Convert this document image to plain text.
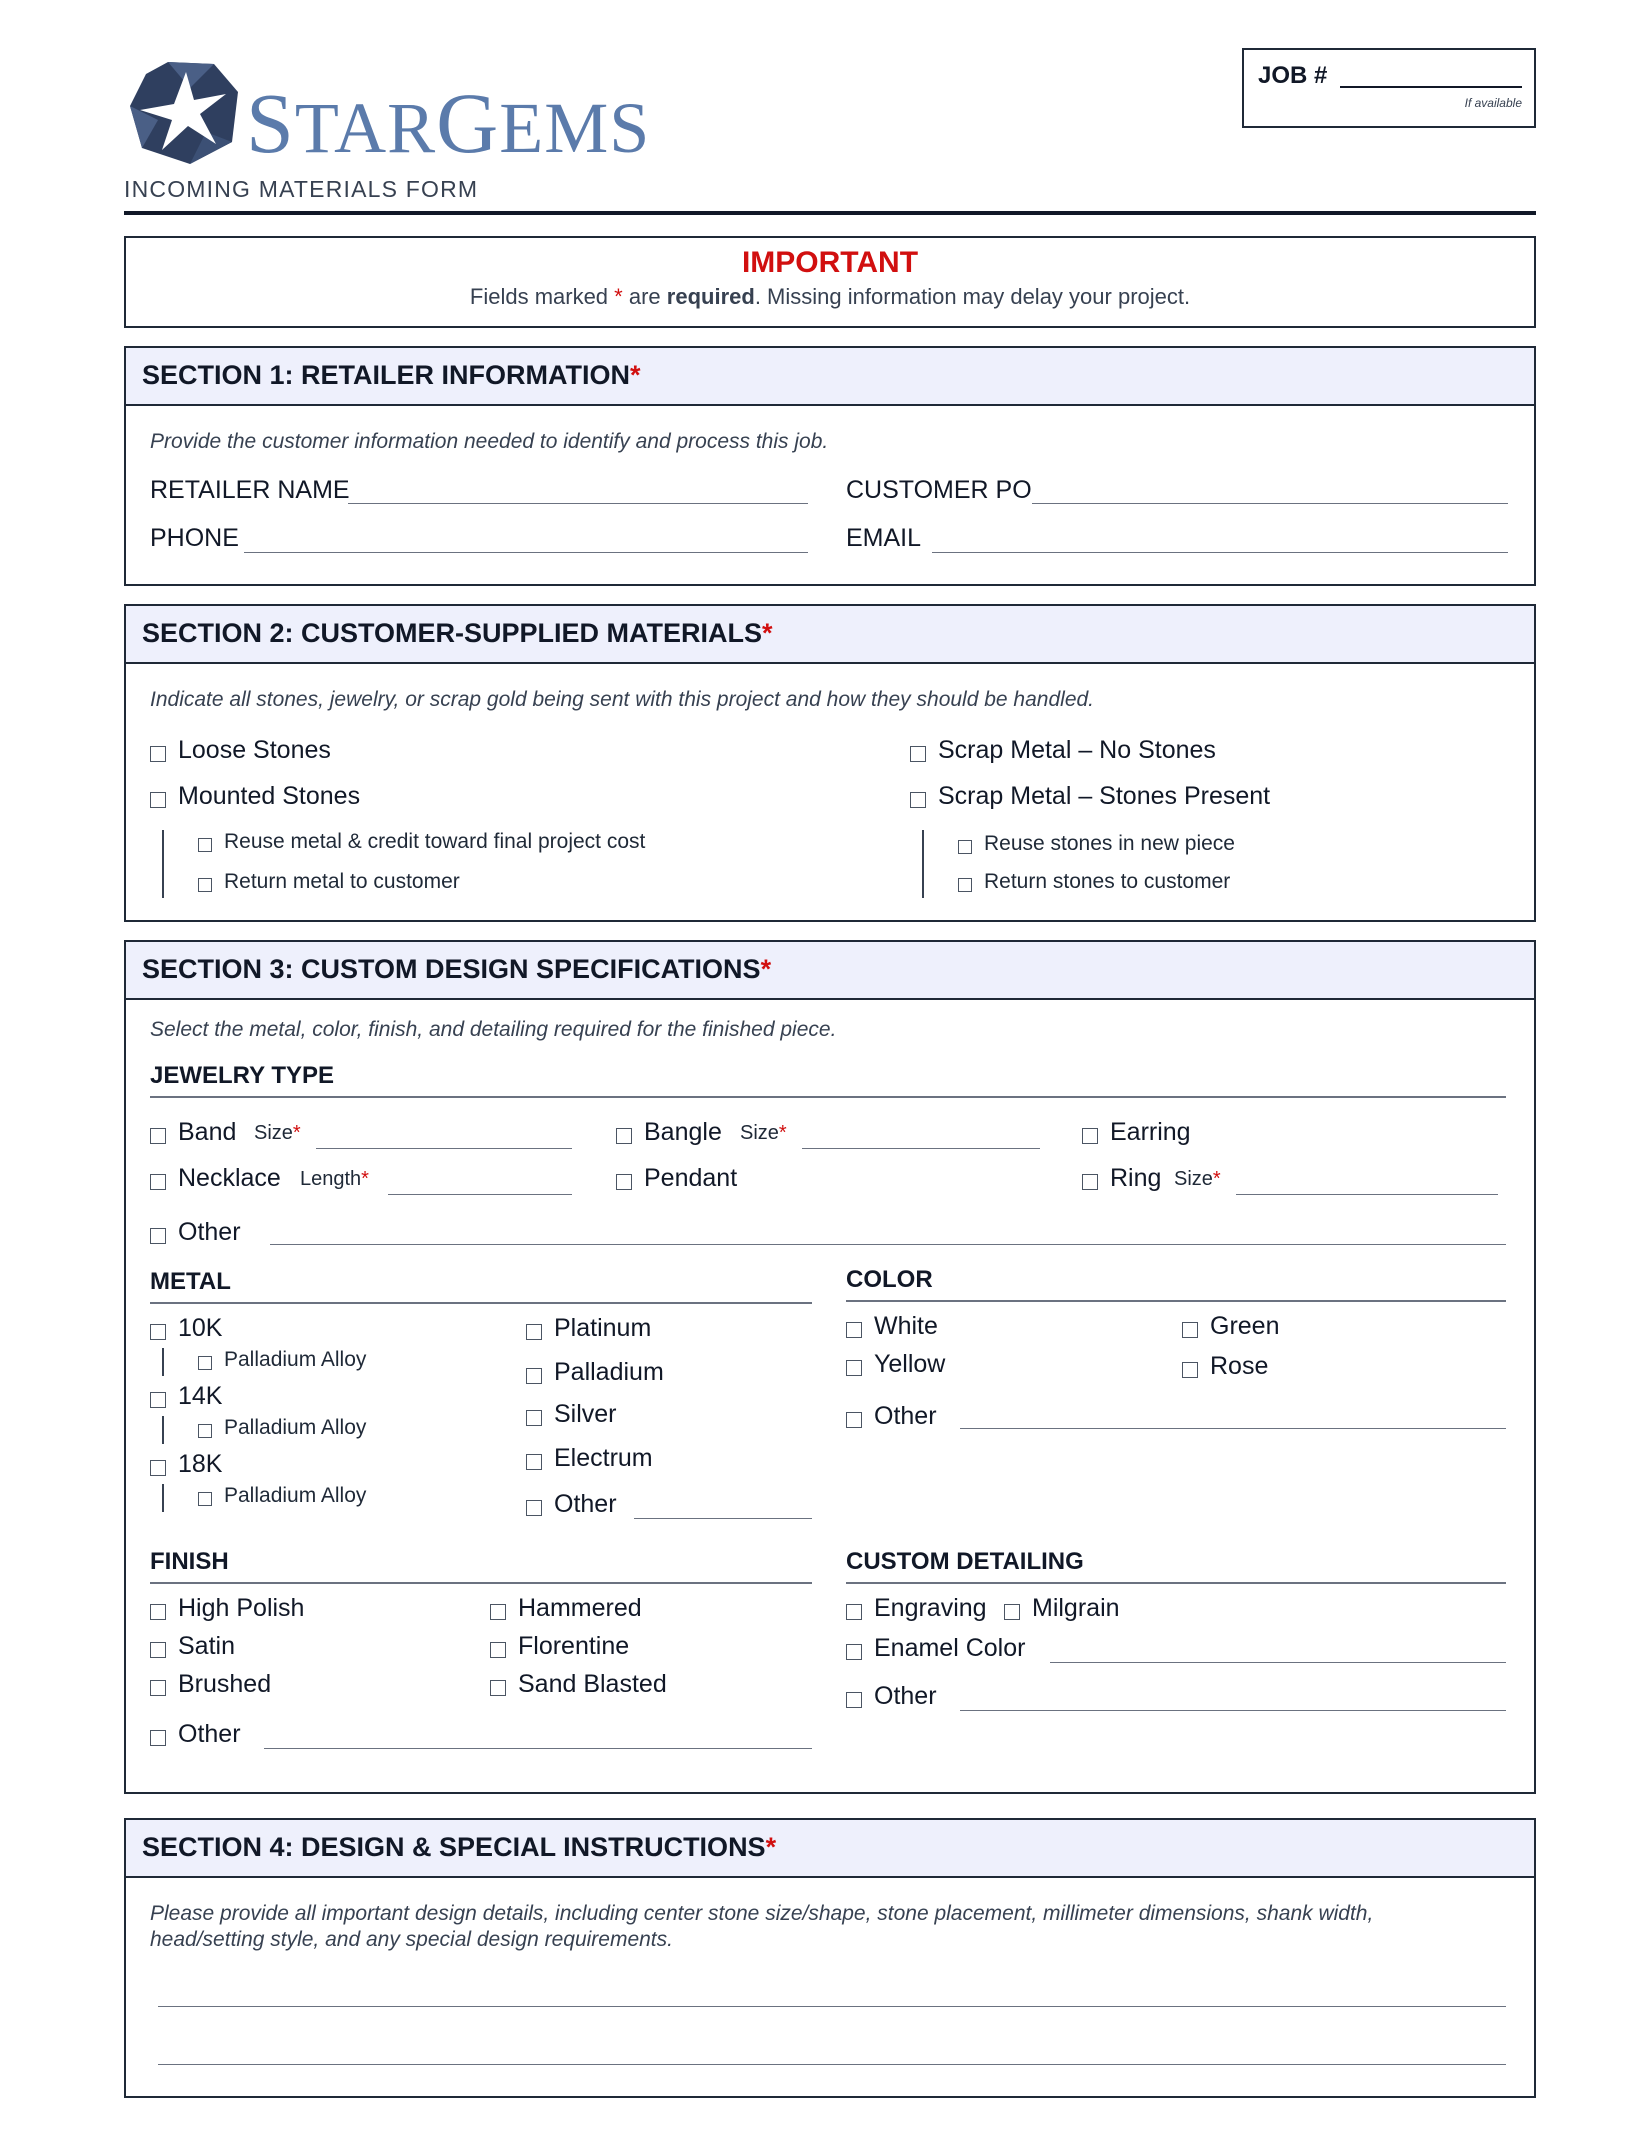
STARGEMS
INCOMING MATERIALS FORM
JOB #
If available
IMPORTANT
Fields marked * are required. Missing information may delay your project.
SECTION 1: RETAILER INFORMATION*
Provide the customer information needed to identify and process this job.
RETAILER NAME	CUSTOMER PO
PHONE	EMAIL
SECTION 2: CUSTOMER-SUPPLIED MATERIALS*
Indicate all stones, jewelry, or scrap gold being sent with this project and how they should be handled.
Loose Stones
Mounted Stones
Reuse metal & credit toward final project cost
Return metal to customer
Scrap Metal – No Stones
Scrap Metal – Stones Present
Reuse stones in new piece
Return stones to customer
SECTION 3: CUSTOM DESIGN SPECIFICATIONS*
Select the metal, color, finish, and detailing required for the finished piece.
JEWELRY TYPE
Band Size*	Bangle Size*	Earring
Necklace Length*	Pendant	Ring Size*
Other
METAL
10K
Palladium Alloy
14K
Palladium Alloy
18K
Palladium Alloy
Platinum
Palladium
Silver
Electrum
Other
COLOR
White	Green
Yellow	Rose
Other
FINISH
High Polish
Satin
Brushed
Other
Hammered
Florentine
Sand Blasted
CUSTOM DETAILING
Engraving Milgrain
Enamel Color
Other
SECTION 4: DESIGN & SPECIAL INSTRUCTIONS*
Please provide all important design details, including center stone size/shape, stone placement, millimeter dimensions, shank width,
head/setting style, and any special design requirements.
